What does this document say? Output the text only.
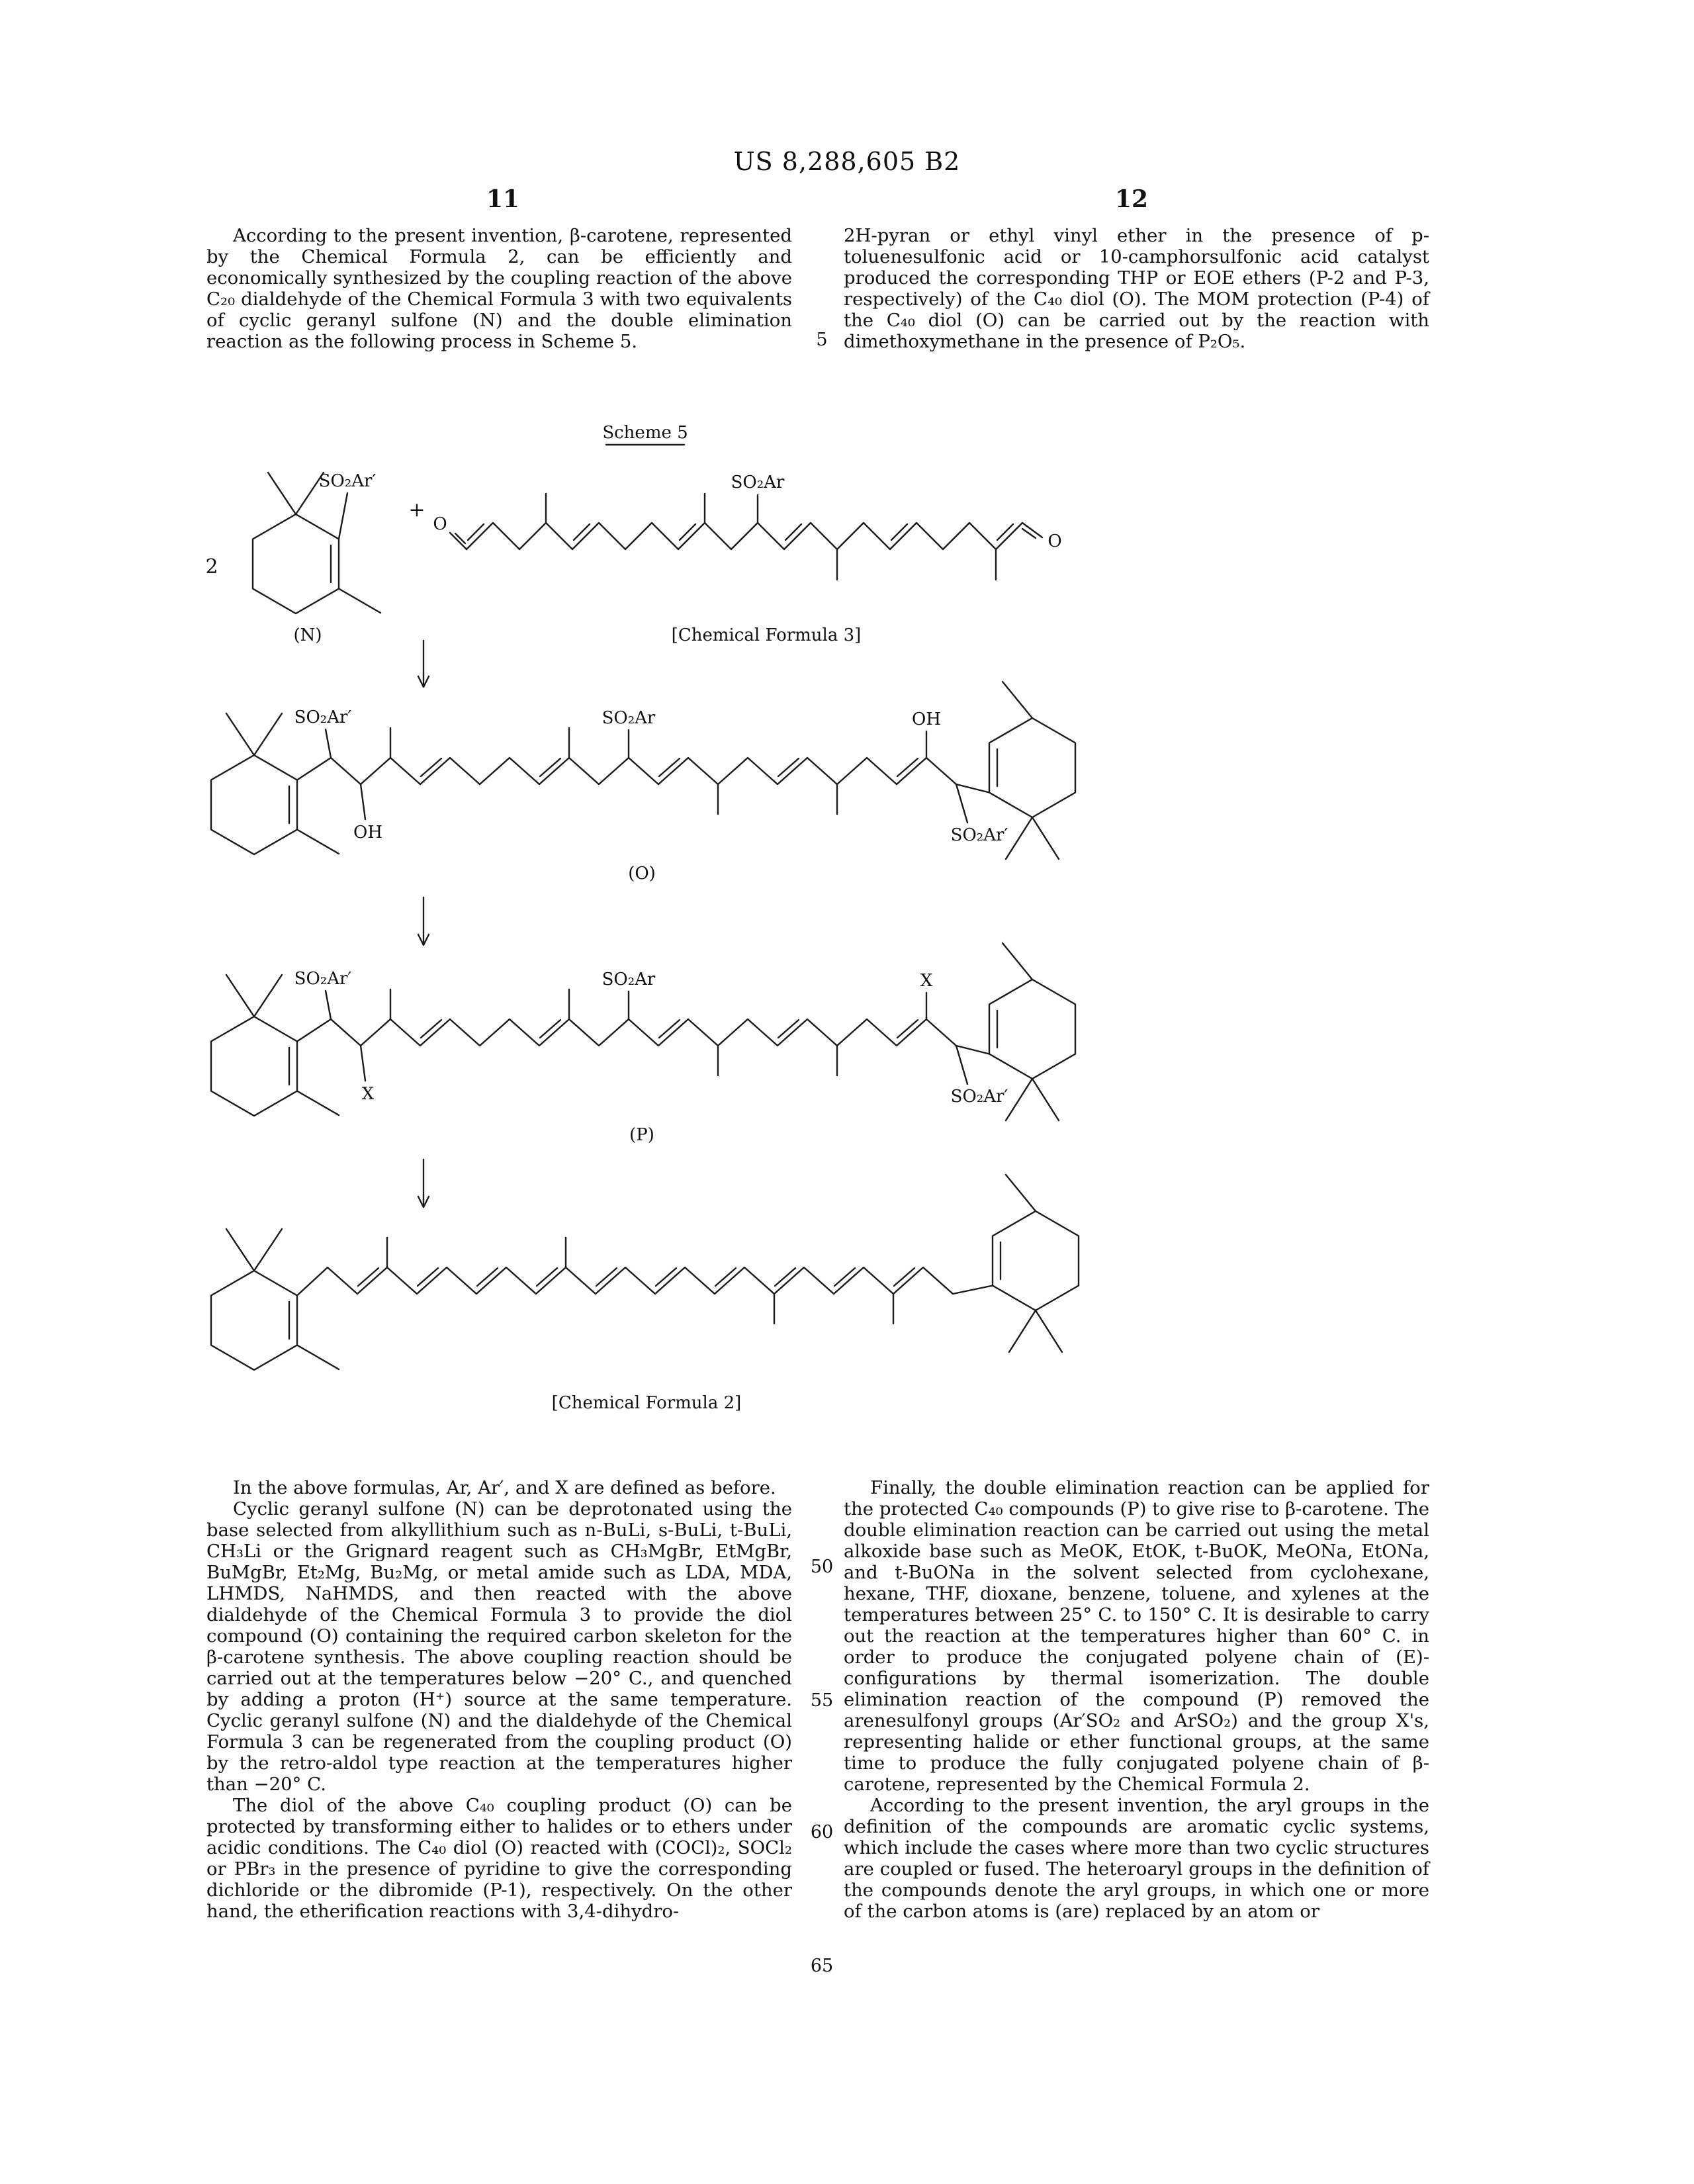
US 8,288,605 B2
11	12
5
50
55
60
65

According to the present invention, β-carotene, represented by the Chemical Formula 2, can be efficiently and economically synthesized by the coupling reaction of the above C₂₀ dialdehyde of the Chemical Formula 3 with two equivalents of cyclic geranyl sulfone (N) and the double elimination reaction as the following process in Scheme 5.

2H-pyran or ethyl vinyl ether in the presence of p-toluenesulfonic acid or 10-camphorsulfonic acid catalyst produced the corresponding THP or EOE ethers (P-2 and P-3, respectively) of the C₄₀ diol (O). The MOM protection (P-4) of the C₄₀ diol (O) can be carried out by the reaction with dimethoxymethane in the presence of P₂O₅.

In the above formulas, Ar, Ar′, and X are defined as before.

Cyclic geranyl sulfone (N) can be deprotonated using the base selected from alkyllithium such as n-BuLi, s-BuLi, t-BuLi, CH₃Li or the Grignard reagent such as CH₃MgBr, EtMgBr, BuMgBr, Et₂Mg, Bu₂Mg, or metal amide such as LDA, MDA, LHMDS, NaHMDS, and then reacted with the above dialdehyde of the Chemical Formula 3 to provide the diol compound (O) containing the required carbon skeleton for the β-carotene synthesis. The above coupling reaction should be carried out at the temperatures below −20° C., and quenched by adding a proton (H⁺) source at the same temperature. Cyclic geranyl sulfone (N) and the dialdehyde of the Chemical Formula 3 can be regenerated from the coupling product (O) by the retro-aldol type reaction at the temperatures higher than −20° C.

The diol of the above C₄₀ coupling product (O) can be protected by transforming either to halides or to ethers under acidic conditions. The C₄₀ diol (O) reacted with (COCl)₂, SOCl₂ or PBr₃ in the presence of pyridine to give the corresponding dichloride or the dibromide (P-1), respectively. On the other hand, the etherification reactions with 3,4-dihydro-

Finally, the double elimination reaction can be applied for the protected C₄₀ compounds (P) to give rise to β-carotene. The double elimination reaction can be carried out using the metal alkoxide base such as MeOK, EtOK, t-BuOK, MeONa, EtONa, and t-BuONa in the solvent selected from cyclohexane, hexane, THF, dioxane, benzene, toluene, and xylenes at the temperatures between 25° C. to 150° C. It is desirable to carry out the reaction at the temperatures higher than 60° C. in order to produce the conjugated polyene chain of (E)-configurations by thermal isomerization. The double elimination reaction of the compound (P) removed the arenesulfonyl groups (Ar′SO₂ and ArSO₂) and the group X's, representing halide or ether functional groups, at the same time to produce the fully conjugated polyene chain of β-carotene, represented by the Chemical Formula 2.

According to the present invention, the aryl groups in the definition of the compounds are aromatic cyclic systems, which include the cases where more than two cyclic structures are coupled or fused. The heteroaryl groups in the definition of the compounds denote the aryl groups, in which one or more of the carbon atoms is (are) replaced by an atom or

Scheme 5
2
SO₂Ar′
(N)
+
O
SO₂Ar
O
[Chemical Formula 3]
SO₂Ar′
OH
SO₂Ar	OH
SO₂Ar′
(O)
SO₂Ar′
X
SO₂Ar	X
SO₂Ar′
(P)
[Chemical Formula 2]
